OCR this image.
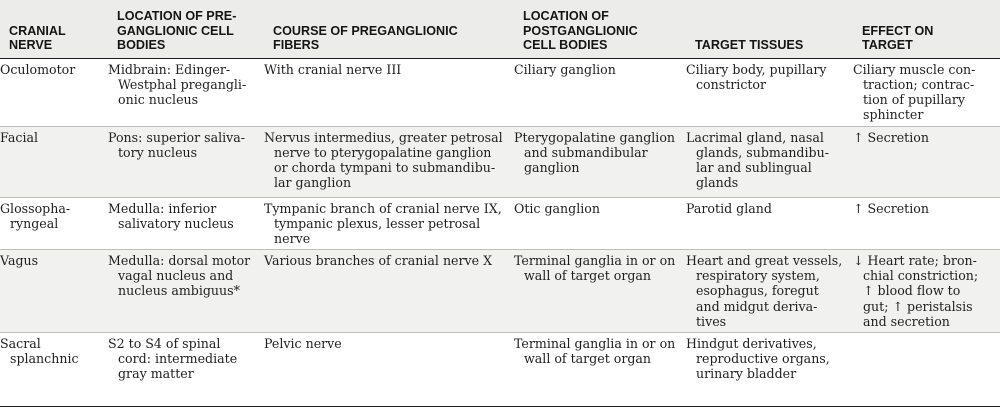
CRANIAL
NERVE	LOCATION OF PRE-
GANGLIONIC CELL
BODIES	COURSE OF PREGANGLIONIC
FIBERS	LOCATION OF
POSTGANGLIONIC
CELL BODIES	TARGET TISSUES	EFFECT ON
TARGET
Oculomotor	Midbrain: Edinger-
Westphal pregangli-
onic nucleus	With cranial nerve III	Ciliary ganglion	Ciliary body, pupillary
constrictor	Ciliary muscle con-
traction; contrac-
tion of pupillary
sphincter
Facial	Pons: superior saliva-
tory nucleus	Nervus intermedius, greater petrosal
nerve to pterygopalatine ganglion
or chorda tympani to submandibu-
lar ganglion	Pterygopalatine ganglion
and submandibular
ganglion	Lacrimal gland, nasal
glands, submandibu-
lar and sublingual
glands	↑ Secretion
Glossopha-
ryngeal	Medulla: inferior
salivatory nucleus	Tympanic branch of cranial nerve IX,
tympanic plexus, lesser petrosal
nerve	Otic ganglion	Parotid gland	↑ Secretion
Vagus	Medulla: dorsal motor
vagal nucleus and
nucleus ambiguus*	Various branches of cranial nerve X	Terminal ganglia in or on
wall of target organ	Heart and great vessels,
respiratory system,
esophagus, foregut
and midgut deriva-
tives	↓ Heart rate; bron-
chial constriction;
↑ blood flow to
gut; ↑ peristalsis
and secretion
Sacral
splanchnic	S2 to S4 of spinal
cord: intermediate
gray matter	Pelvic nerve	Terminal ganglia in or on
wall of target organ	Hindgut derivatives,
reproductive organs,
urinary bladder	
